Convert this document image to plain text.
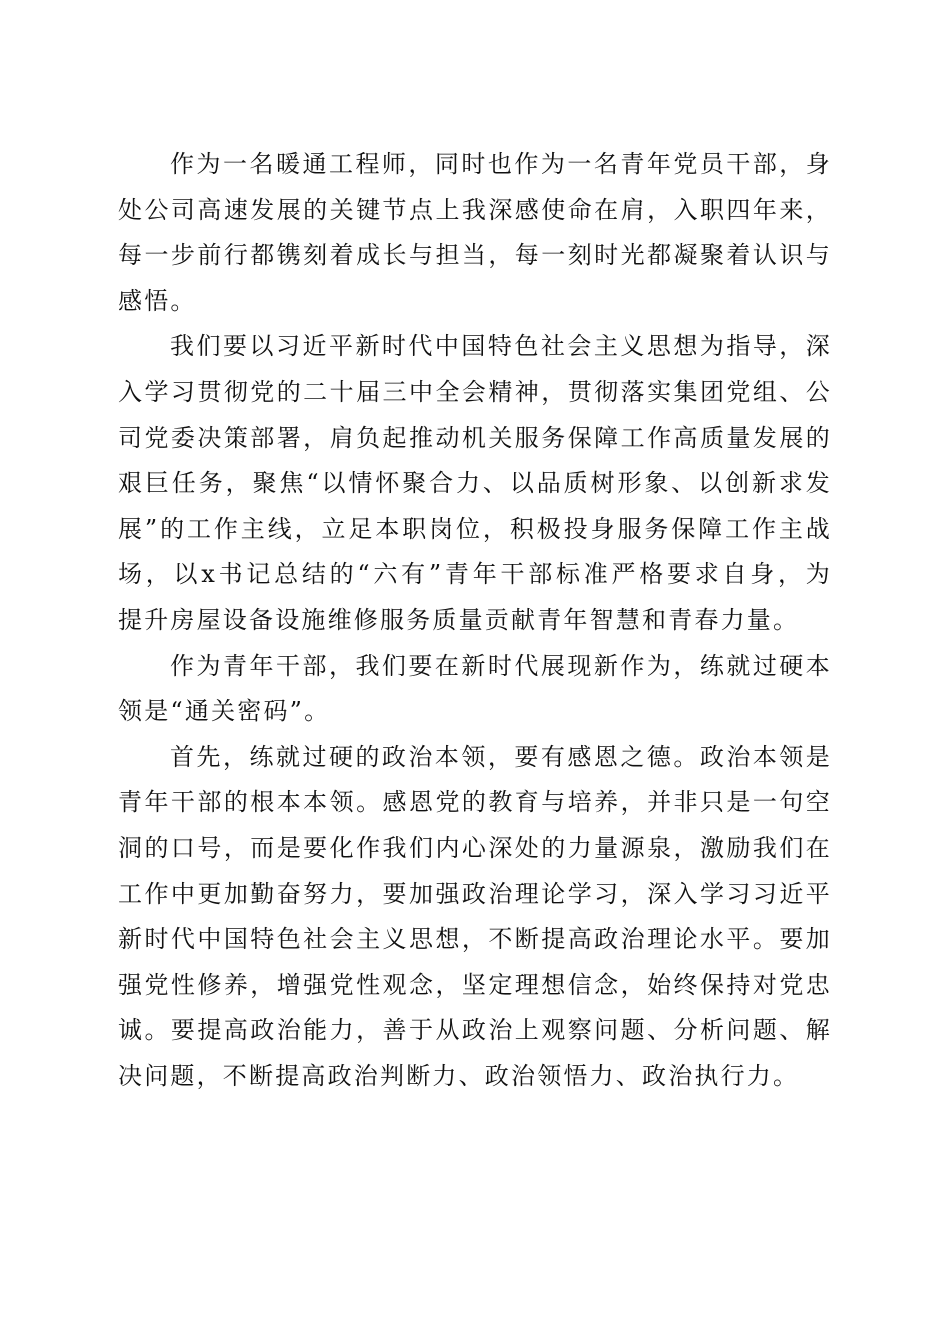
作为一名暖通工程师，同时也作为一名青年党员干部，身
处公司高速发展的关键节点上我深感使命在肩，入职四年来，
每一步前行都镌刻着成长与担当，每一刻时光都凝聚着认识与
感悟。

我们要以习近平新时代中国特色社会主义思想为指导，深
入学习贯彻党的二十届三中全会精神，贯彻落实集团党组、公
司党委决策部署，肩负起推动机关服务保障工作高质量发展的
艰巨任务，聚焦“以情怀聚合力、以品质树形象、以创新求发
展”的工作主线，立足本职岗位，积极投身服务保障工作主战
场，以x书记总结的“六有”青年干部标准严格要求自身，为
提升房屋设备设施维修服务质量贡献青年智慧和青春力量。

作为青年干部，我们要在新时代展现新作为，练就过硬本
领是“通关密码”。

首先，练就过硬的政治本领，要有感恩之德。政治本领是
青年干部的根本本领。感恩党的教育与培养，并非只是一句空
洞的口号，而是要化作我们内心深处的力量源泉，激励我们在
工作中更加勤奋努力，要加强政治理论学习，深入学习习近平
新时代中国特色社会主义思想，不断提高政治理论水平。要加
强党性修养，增强党性观念，坚定理想信念，始终保持对党忠
诚。要提高政治能力，善于从政治上观察问题、分析问题、解
决问题，不断提高政治判断力、政治领悟力、政治执行力。
